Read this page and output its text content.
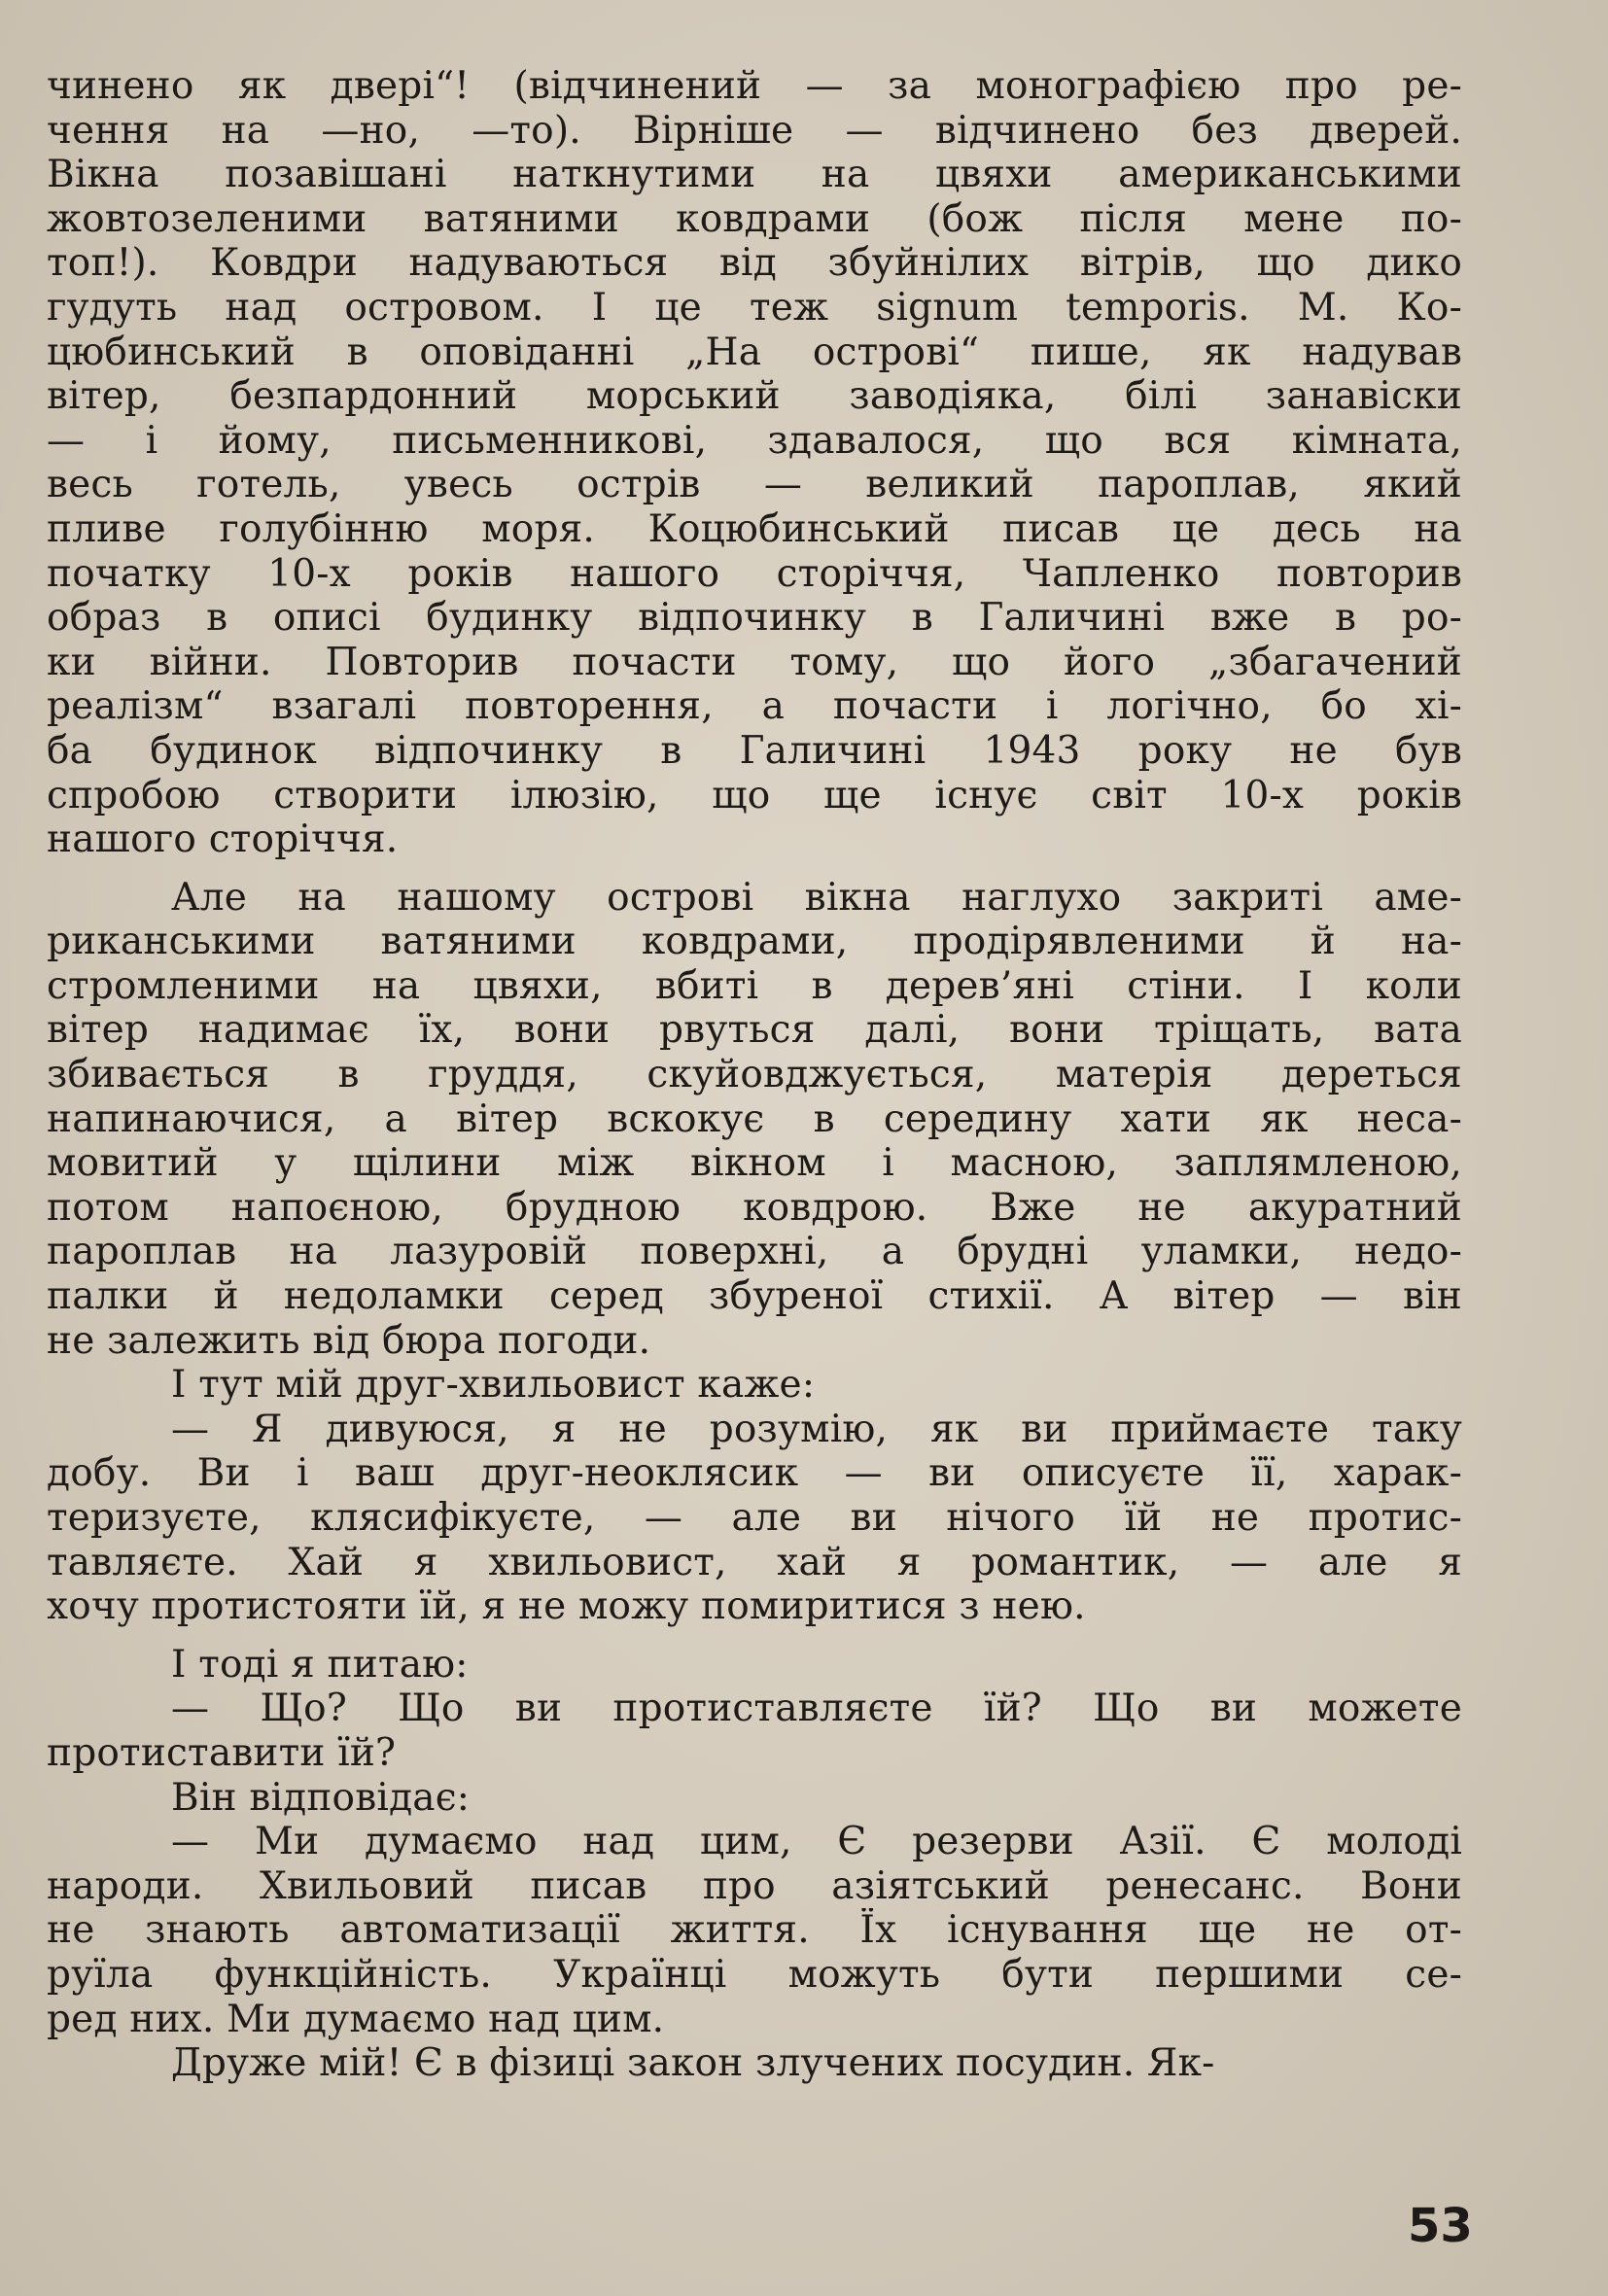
чинено як двері“! (відчинений — за монографією про ре-
чення на —но, —то). Вірніше — відчинено без дверей.
Вікна позавішані наткнутими на цвяхи американськими
жовтозеленими ватяними ковдрами (бож після мене по-
топ!). Ковдри надуваються від збуйнілих вітрів, що дико
гудуть над островом. І це теж signum temporis. М. Ко-
цюбинський в оповіданні „На острові“ пише, як надував
вітер, безпардонний морський заводіяка, білі занавіски
— і йому, письменникові, здавалося, що вся кімната,
весь готель, увесь острів — великий пароплав, який
пливе голубінню моря. Коцюбинський писав це десь на
початку 10-х років нашого сторіччя, Чапленко повторив
образ в описі будинку відпочинку в Галичині вже в ро-
ки війни. Повторив почасти тому, що його „збагачений
реалізм“ взагалі повторення, а почасти і логічно, бо хі-
ба будинок відпочинку в Галичині 1943 року не був
спробою створити ілюзію, що ще існує світ 10-х років
нашого сторіччя.
Але на нашому острові вікна наглухо закриті аме-
риканськими ватяними ковдрами, продірявленими й на-
стромленими на цвяхи, вбиті в дерев’яні стіни. І коли
вітер надимає їх, вони рвуться далі, вони тріщать, вата
збивається в груддя, скуйовджується, матерія дереться
напинаючися, а вітер вскокує в середину хати як неса-
мовитий у щілини між вікном і масною, заплямленою,
потом напоєною, брудною ковдрою. Вже не акуратний
пароплав на лазуровій поверхні, а брудні уламки, недо-
палки й недоламки серед збуреної стихії. А вітер — він
не залежить від бюра погоди.
І тут мій друг-хвильовист каже:
— Я дивуюся, я не розумію, як ви приймаєте таку
добу. Ви і ваш друг-неоклясик — ви описуєте її, харак-
теризуєте, клясифікуєте, — але ви нічого їй не протис-
тавляєте. Хай я хвильовист, хай я романтик, — але я
хочу протистояти їй, я не можу помиритися з нею.
І тоді я питаю:
— Що? Що ви протиставляєте їй? Що ви можете
протиставити їй?
Він відповідає:
— Ми думаємо над цим, Є резерви Азії. Є молоді
народи. Хвильовий писав про азіятський ренесанс. Вони
не знають автоматизації життя. Їх існування ще не от-
руїла функційність. Українці можуть бути першими се-
ред них. Ми думаємо над цим.
Друже мій! Є в фізиці закон злучених посудин. Як-
53
